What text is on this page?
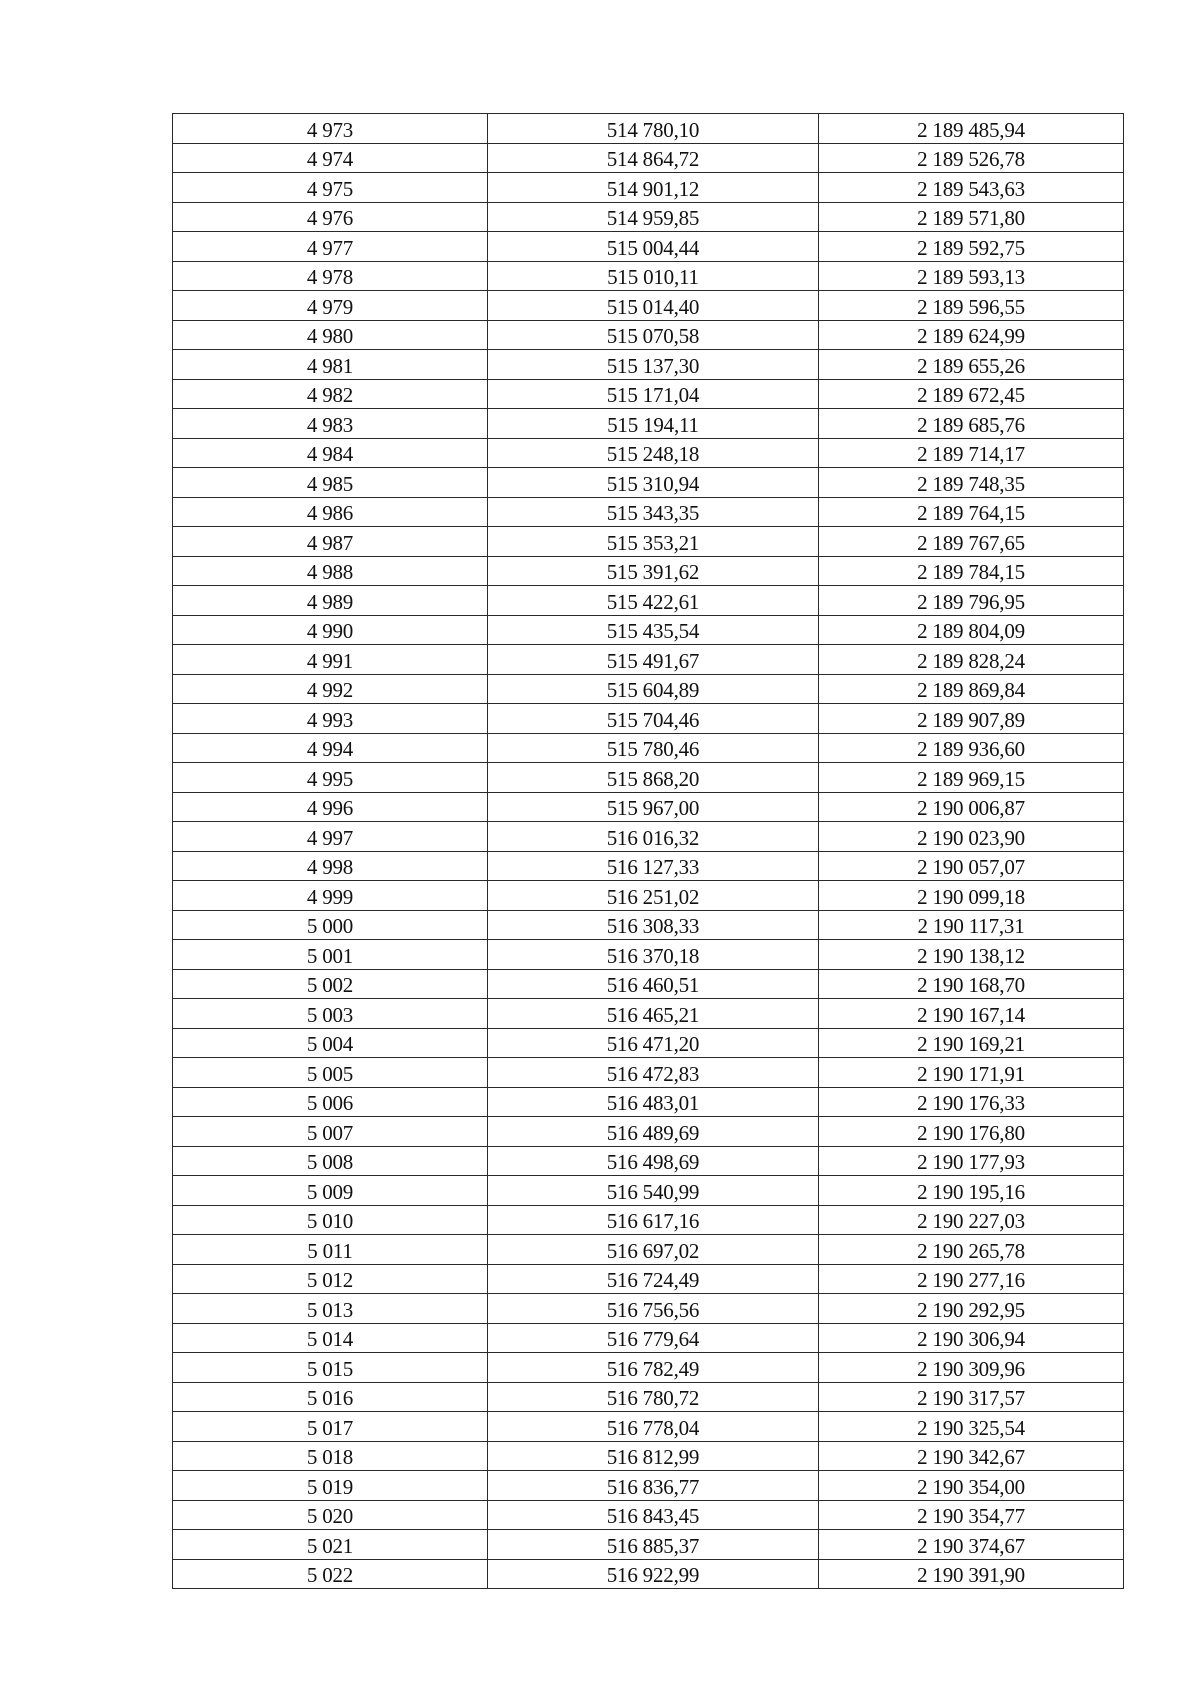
4 973	514 780,10	2 189 485,94
4 974	514 864,72	2 189 526,78
4 975	514 901,12	2 189 543,63
4 976	514 959,85	2 189 571,80
4 977	515 004,44	2 189 592,75
4 978	515 010,11	2 189 593,13
4 979	515 014,40	2 189 596,55
4 980	515 070,58	2 189 624,99
4 981	515 137,30	2 189 655,26
4 982	515 171,04	2 189 672,45
4 983	515 194,11	2 189 685,76
4 984	515 248,18	2 189 714,17
4 985	515 310,94	2 189 748,35
4 986	515 343,35	2 189 764,15
4 987	515 353,21	2 189 767,65
4 988	515 391,62	2 189 784,15
4 989	515 422,61	2 189 796,95
4 990	515 435,54	2 189 804,09
4 991	515 491,67	2 189 828,24
4 992	515 604,89	2 189 869,84
4 993	515 704,46	2 189 907,89
4 994	515 780,46	2 189 936,60
4 995	515 868,20	2 189 969,15
4 996	515 967,00	2 190 006,87
4 997	516 016,32	2 190 023,90
4 998	516 127,33	2 190 057,07
4 999	516 251,02	2 190 099,18
5 000	516 308,33	2 190 117,31
5 001	516 370,18	2 190 138,12
5 002	516 460,51	2 190 168,70
5 003	516 465,21	2 190 167,14
5 004	516 471,20	2 190 169,21
5 005	516 472,83	2 190 171,91
5 006	516 483,01	2 190 176,33
5 007	516 489,69	2 190 176,80
5 008	516 498,69	2 190 177,93
5 009	516 540,99	2 190 195,16
5 010	516 617,16	2 190 227,03
5 011	516 697,02	2 190 265,78
5 012	516 724,49	2 190 277,16
5 013	516 756,56	2 190 292,95
5 014	516 779,64	2 190 306,94
5 015	516 782,49	2 190 309,96
5 016	516 780,72	2 190 317,57
5 017	516 778,04	2 190 325,54
5 018	516 812,99	2 190 342,67
5 019	516 836,77	2 190 354,00
5 020	516 843,45	2 190 354,77
5 021	516 885,37	2 190 374,67
5 022	516 922,99	2 190 391,90
